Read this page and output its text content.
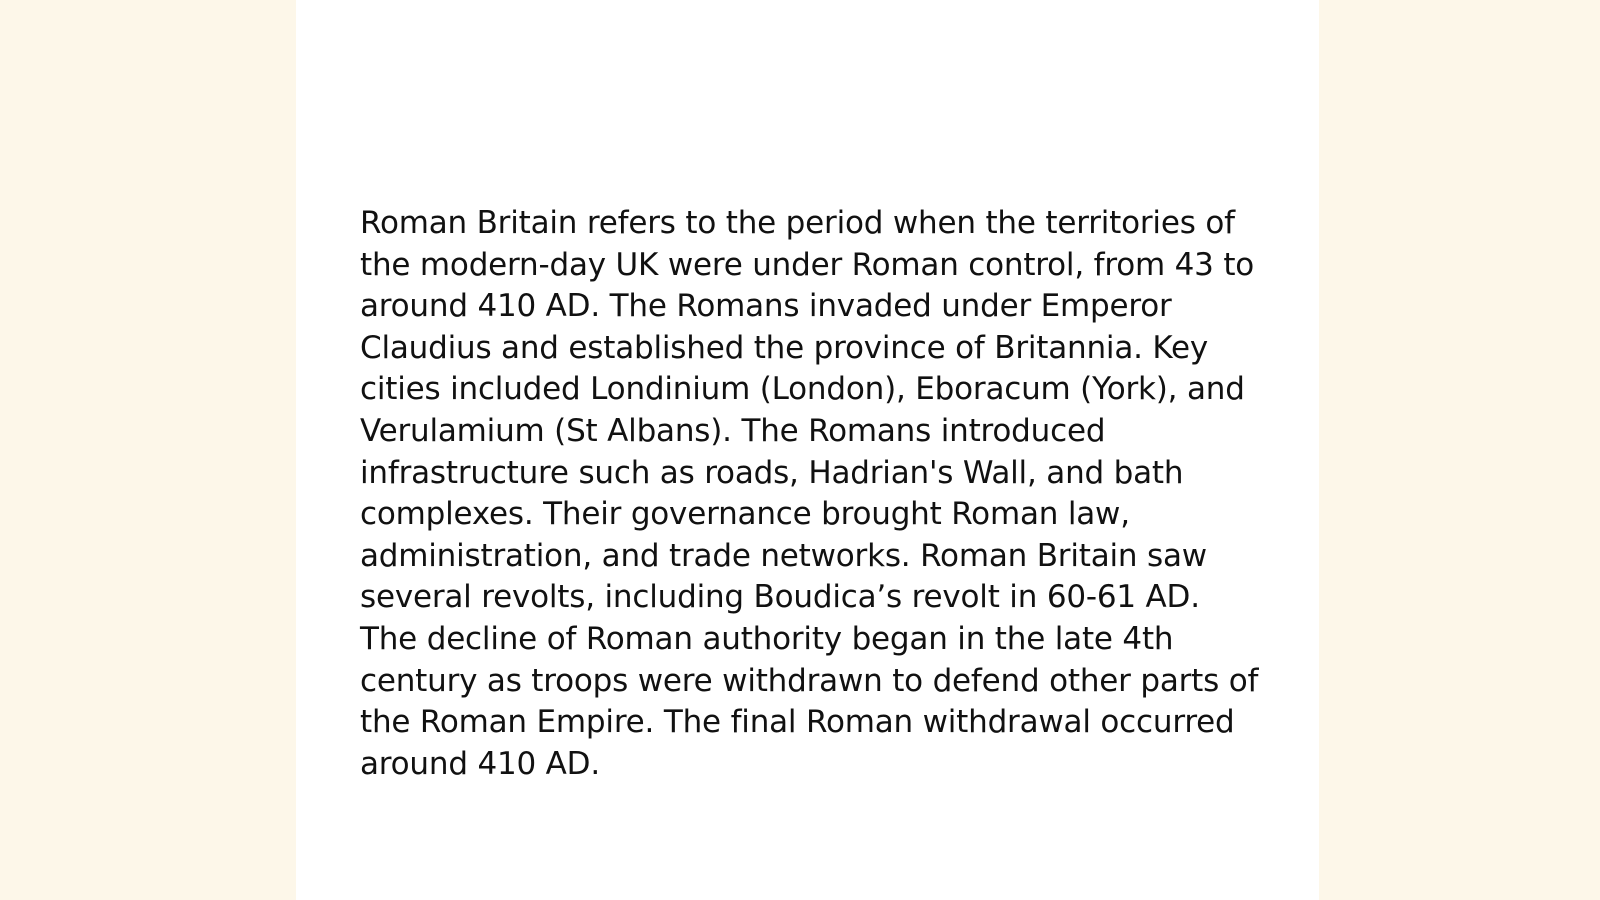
Roman Britain refers to the period when the territories of the modern-day UK were under Roman control, from 43 to around 410 AD. The Romans invaded under Emperor Claudius and established the province of Britannia. Key cities included Londinium (London), Eboracum (York), and Verulamium (St Albans). The Romans introduced infrastructure such as roads, Hadrian's Wall, and bath complexes. Their governance brought Roman law, administration, and trade networks. Roman Britain saw several revolts, including Boudica’s revolt in 60-61 AD. The decline of Roman authority began in the late 4th century as troops were withdrawn to defend other parts of the Roman Empire. The final Roman withdrawal occurred around 410 AD.
